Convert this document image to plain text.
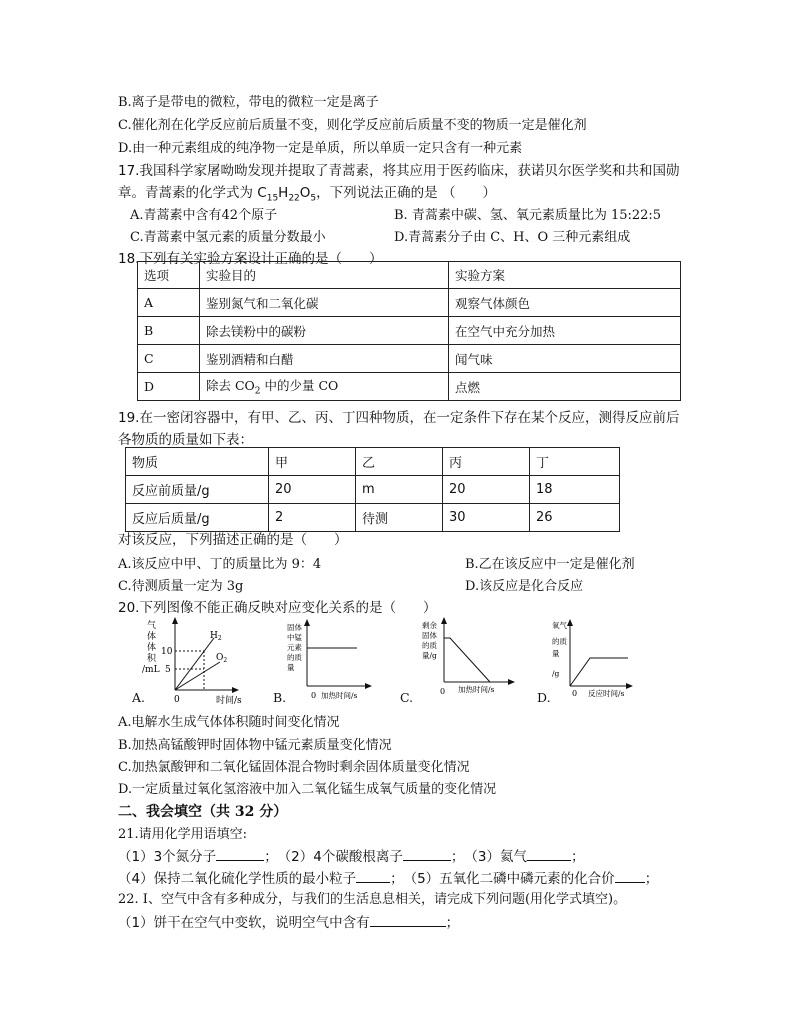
B.离子是带电的微粒，带电的微粒一定是离子
C.催化剂在化学反应前后质量不变，则化学反应前后质量不变的物质一定是催化剂
D.由一种元素组成的纯净物一定是单质，所以单质一定只含有一种元素
17.我国科学家屠呦呦发现并提取了青蒿素，将其应用于医药临床，获诺贝尔医学奖和共和国勋
章。青蒿素的化学式为 $C_{15}H_{22}O_5$，下列说法正确的是 （　　）
A.青蒿素中含有42个原子	B. 青蒿素中碳、氢、氧元素质量比为 15:22:5
C.青蒿素中氢元素的质量分数最小	D.青蒿素分子由 C、H、O 三种元素组成
18.下列有关实验方案设计正确的是（　　）
选项	实验目的	实验方案
A	鉴别氮气和二氧化碳	观察气体颜色
B	除去镁粉中的碳粉	在空气中充分加热
C	鉴别酒精和白醋	闻气味
D	除去 $CO_2$ 中的少量 CO	点燃
19.在一密闭容器中，有甲、乙、丙、丁四种物质，在一定条件下存在某个反应，测得反应前后
各物质的质量如下表：
物质	甲	乙	丙	丁
反应前质量/g	20	m	20	18
反应后质量/g	2	待测	30	26
对该反应，下列描述正确的是（　　）
A.该反应中甲、丁的质量比为 9：4	B.乙在该反应中一定是催化剂
C.待测质量一定为 3g	D.该反应是化合反应
20.下列图像不能正确反映对应变化关系的是（　　）
气
体
体
积
/mL
10
5
$H_2$
$O_2$
0	时间/s
固体
中锰
元素
的质
量
0 加热时间/s
剩余
固体
的质
量/g
0 加热时间/s
氧气
的质
量
/g
0 反应时间/s
A.	B.	C.	D.
A.电解水生成气体体积随时间变化情况
B.加热高锰酸钾时固体物中锰元素质量变化情况
C.加热氯酸钾和二氧化锰固体混合物时剩余固体质量变化情况
D.一定质量过氧化氢溶液中加入二氧化锰生成氧气质量的变化情况
二、我会填空（共 32 分）
21.请用化学用语填空:
（1）3个氮分子	；　（2）4个碳酸根离子	；　（3）氦气	；
（4）保持二氧化硫化学性质的最小粒子	；　（5）五氧化二磷中磷元素的化合价 ；
22. Ⅰ、空气中含有多种成分，与我们的生活息息相关，请完成下列问题(用化学式填空)。
（1）饼干在空气中变软，说明空气中含有	；
